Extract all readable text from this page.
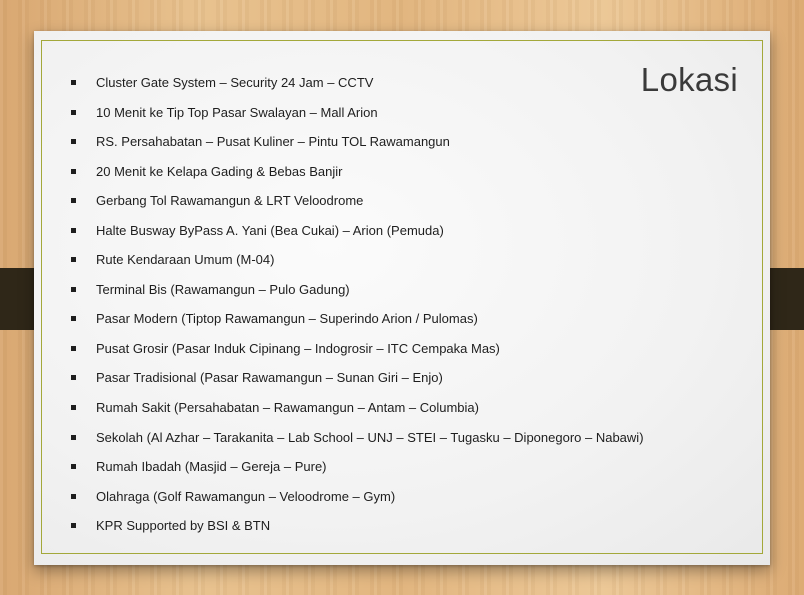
Lokasi
Cluster Gate System – Security 24 Jam – CCTV
10 Menit ke Tip Top Pasar Swalayan – Mall Arion
RS. Persahabatan – Pusat Kuliner – Pintu TOL Rawamangun
20 Menit ke Kelapa Gading & Bebas Banjir
Gerbang Tol Rawamangun & LRT Veloodrome
Halte Busway ByPass A. Yani (Bea Cukai) – Arion (Pemuda)
Rute Kendaraan Umum (M-04)
Terminal Bis (Rawamangun – Pulo Gadung)
Pasar Modern (Tiptop Rawamangun – Superindo Arion / Pulomas)
Pusat Grosir (Pasar Induk Cipinang – Indogrosir – ITC Cempaka Mas)
Pasar Tradisional (Pasar Rawamangun – Sunan Giri – Enjo)
Rumah Sakit (Persahabatan – Rawamangun – Antam – Columbia)
Sekolah (Al Azhar – Tarakanita – Lab School – UNJ – STEI – Tugasku – Diponegoro – Nabawi)
Rumah Ibadah (Masjid – Gereja – Pure)
Olahraga (Golf Rawamangun – Veloodrome – Gym)
KPR Supported by BSI & BTN
